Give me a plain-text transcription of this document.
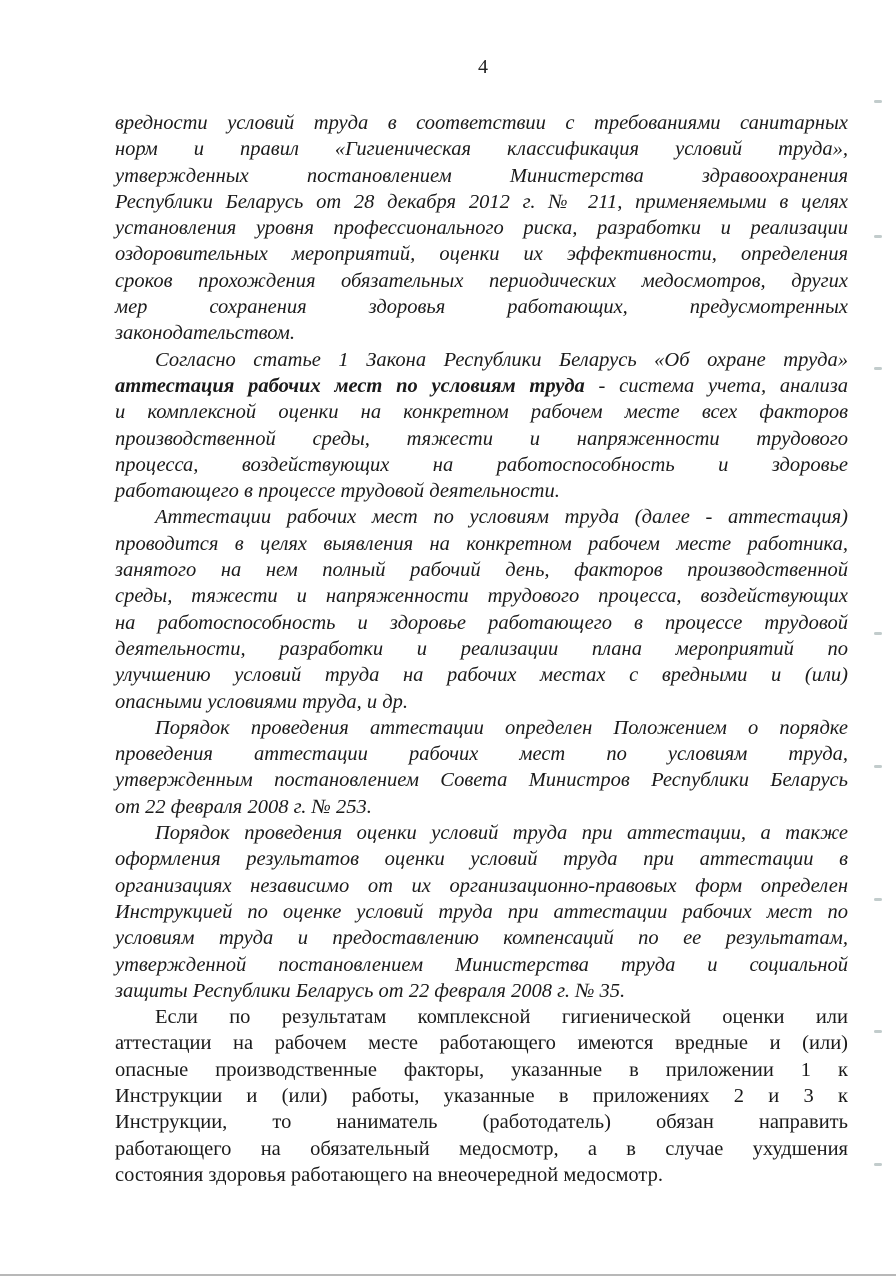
4
вредности условий труда в соответствии с требованиями санитарных
норм и правил «Гигиеническая классификация условий труда»,
утвержденных постановлением Министерства здравоохранения
Республики Беларусь от 28 декабря 2012 г. № 211, применяемыми в целях
установления уровня профессионального риска, разработки и реализации
оздоровительных мероприятий, оценки их эффективности, определения
сроков прохождения обязательных периодических медосмотров, других
мер сохранения здоровья работающих, предусмотренных
законодательством.
Согласно статье 1 Закона Республики Беларусь «Об охране труда»
аттестация рабочих мест по условиям труда - система учета, анализа
и комплексной оценки на конкретном рабочем месте всех факторов
производственной среды, тяжести и напряженности трудового
процесса, воздействующих на работоспособность и здоровье
работающего в процессе трудовой деятельности.
Аттестации рабочих мест по условиям труда (далее - аттестация)
проводится в целях выявления на конкретном рабочем месте работника,
занятого на нем полный рабочий день, факторов производственной
среды, тяжести и напряженности трудового процесса, воздействующих
на работоспособность и здоровье работающего в процессе трудовой
деятельности, разработки и реализации плана мероприятий по
улучшению условий труда на рабочих местах с вредными и (или)
опасными условиями труда, и др.
Порядок проведения аттестации определен Положением о порядке
проведения аттестации рабочих мест по условиям труда,
утвержденным постановлением Совета Министров Республики Беларусь
от 22 февраля 2008 г. № 253.
Порядок проведения оценки условий труда при аттестации, а также
оформления результатов оценки условий труда при аттестации в
организациях независимо от их организационно-правовых форм определен
Инструкцией по оценке условий труда при аттестации рабочих мест по
условиям труда и предоставлению компенсаций по ее результатам,
утвержденной постановлением Министерства труда и социальной
защиты Республики Беларусь от 22 февраля 2008 г. № 35.
Если по результатам комплексной гигиенической оценки или
аттестации на рабочем месте работающего имеются вредные и (или)
опасные производственные факторы, указанные в приложении 1 к
Инструкции и (или) работы, указанные в приложениях 2 и 3 к
Инструкции, то наниматель (работодатель) обязан направить
работающего на обязательный медосмотр, а в случае ухудшения
состояния здоровья работающего на внеочередной медосмотр.
